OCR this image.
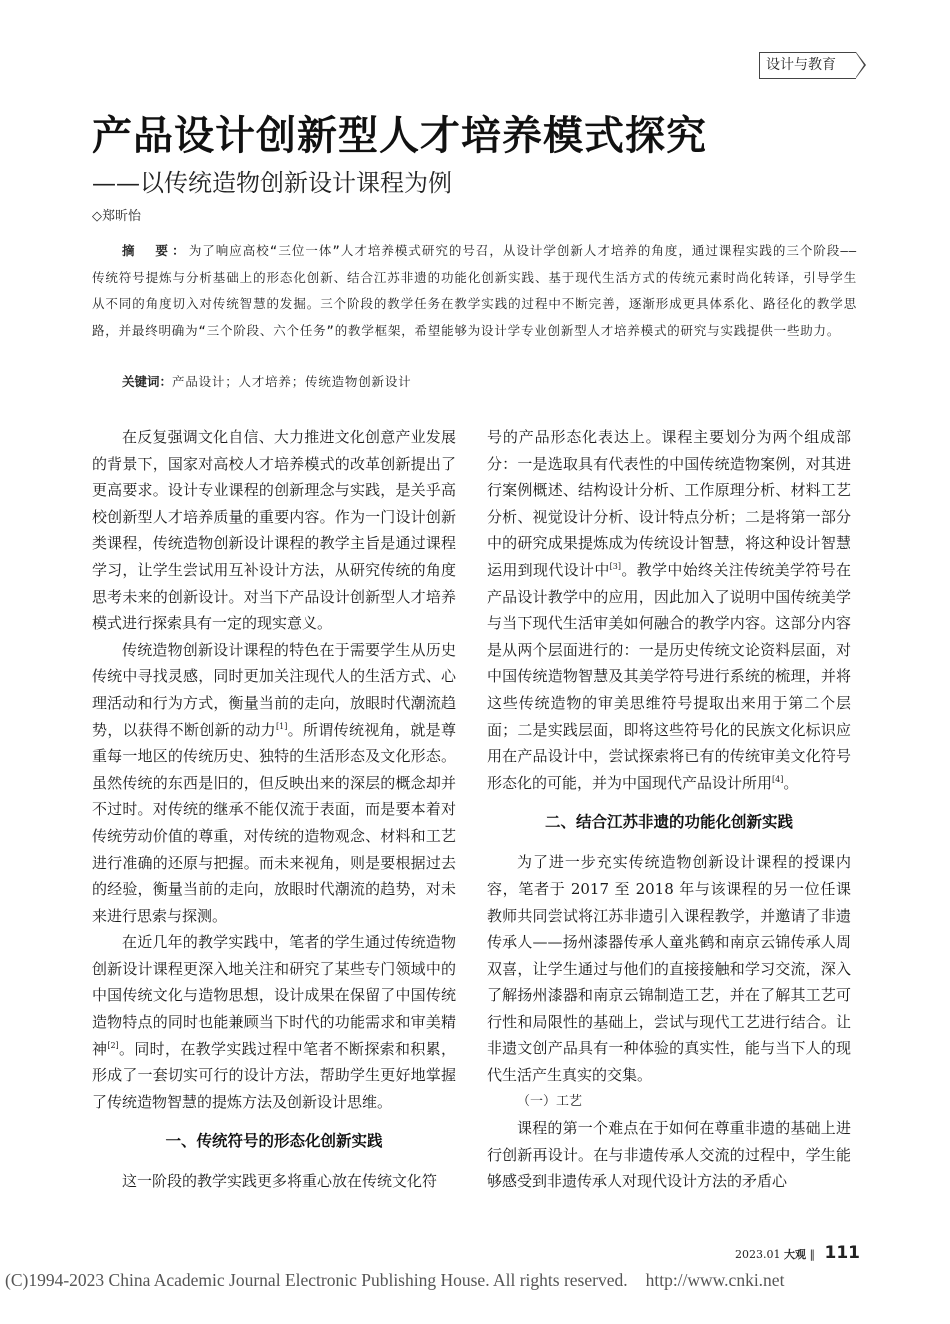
设计与教育
产品设计创新型人才培养模式探究
——以传统造物创新设计课程为例
◇郑昕怡
摘　要：为了响应高校“三位一体”人才培养模式研究的号召，从设计学创新人才培养的角度，通过课程实践的三个阶段——传统符号提炼与分析基础上的形态化创新、结合江苏非遗的功能化创新实践、基于现代生活方式的传统元素时尚化转译，引导学生从不同的角度切入对传统智慧的发掘。三个阶段的教学任务在教学实践的过程中不断完善，逐渐形成更具体系化、路径化的教学思路，并最终明确为“三个阶段、六个任务”的教学框架，希望能够为设计学专业创新型人才培养模式的研究与实践提供一些助力。
关键词：产品设计；人才培养；传统造物创新设计

在反复强调文化自信、大力推进文化创意产业发展的背景下，国家对高校人才培养模式的改革创新提出了更高要求。设计专业课程的创新理念与实践，是关乎高校创新型人才培养质量的重要内容。作为一门设计创新类课程，传统造物创新设计课程的教学主旨是通过课程学习，让学生尝试用互补设计方法，从研究传统的角度思考未来的创新设计。对当下产品设计创新型人才培养模式进行探索具有一定的现实意义。

传统造物创新设计课程的特色在于需要学生从历史传统中寻找灵感，同时更加关注现代人的生活方式、心理活动和行为方式，衡量当前的走向，放眼时代潮流趋势，以获得不断创新的动力[1]。所谓传统视角，就是尊重每一地区的传统历史、独特的生活形态及文化形态。虽然传统的东西是旧的，但反映出来的深层的概念却并不过时。对传统的继承不能仅流于表面，而是要本着对传统劳动价值的尊重，对传统的造物观念、材料和工艺进行准确的还原与把握。而未来视角，则是要根据过去的经验，衡量当前的走向，放眼时代潮流的趋势，对未来进行思索与探测。

在近几年的教学实践中，笔者的学生通过传统造物创新设计课程更深入地关注和研究了某些专门领域中的中国传统文化与造物思想，设计成果在保留了中国传统造物特点的同时也能兼顾当下时代的功能需求和审美精神[2]。同时，在教学实践过程中笔者不断探索和积累，形成了一套切实可行的设计方法，帮助学生更好地掌握了传统造物智慧的提炼方法及创新设计思维。

一、传统符号的形态化创新实践

这一阶段的教学实践更多将重心放在传统文化符

号的产品形态化表达上。课程主要划分为两个组成部分：一是选取具有代表性的中国传统造物案例，对其进行案例概述、结构设计分析、工作原理分析、材料工艺分析、视觉设计分析、设计特点分析；二是将第一部分中的研究成果提炼成为传统设计智慧，将这种设计智慧运用到现代设计中[3]。教学中始终关注传统美学符号在产品设计教学中的应用，因此加入了说明中国传统美学与当下现代生活审美如何融合的教学内容。这部分内容是从两个层面进行的：一是历史传统文论资料层面，对中国传统造物智慧及其美学符号进行系统的梳理，并将这些传统造物的审美思维符号提取出来用于第二个层面；二是实践层面，即将这些符号化的民族文化标识应用在产品设计中，尝试探索将已有的传统审美文化符号形态化的可能，并为中国现代产品设计所用[4]。

二、结合江苏非遗的功能化创新实践

为了进一步充实传统造物创新设计课程的授课内容，笔者于 2017 至 2018 年与该课程的另一位任课教师共同尝试将江苏非遗引入课程教学，并邀请了非遗传承人——扬州漆器传承人童兆鹤和南京云锦传承人周双喜，让学生通过与他们的直接接触和学习交流，深入了解扬州漆器和南京云锦制造工艺，并在了解其工艺可行性和局限性的基础上，尝试与现代工艺进行结合。让非遗文创产品具有一种体验的真实性，能与当下人的现代生活产生真实的交集。

（一）工艺

课程的第一个难点在于如何在尊重非遗的基础上进行创新再设计。在与非遗传承人交流的过程中，学生能够感受到非遗传承人对现代设计方法的矛盾心

2023.01 大观 ‖ 111
(C)1994-2023 China Academic Journal Electronic Publishing House. All rights reserved. http://www.cnki.net
